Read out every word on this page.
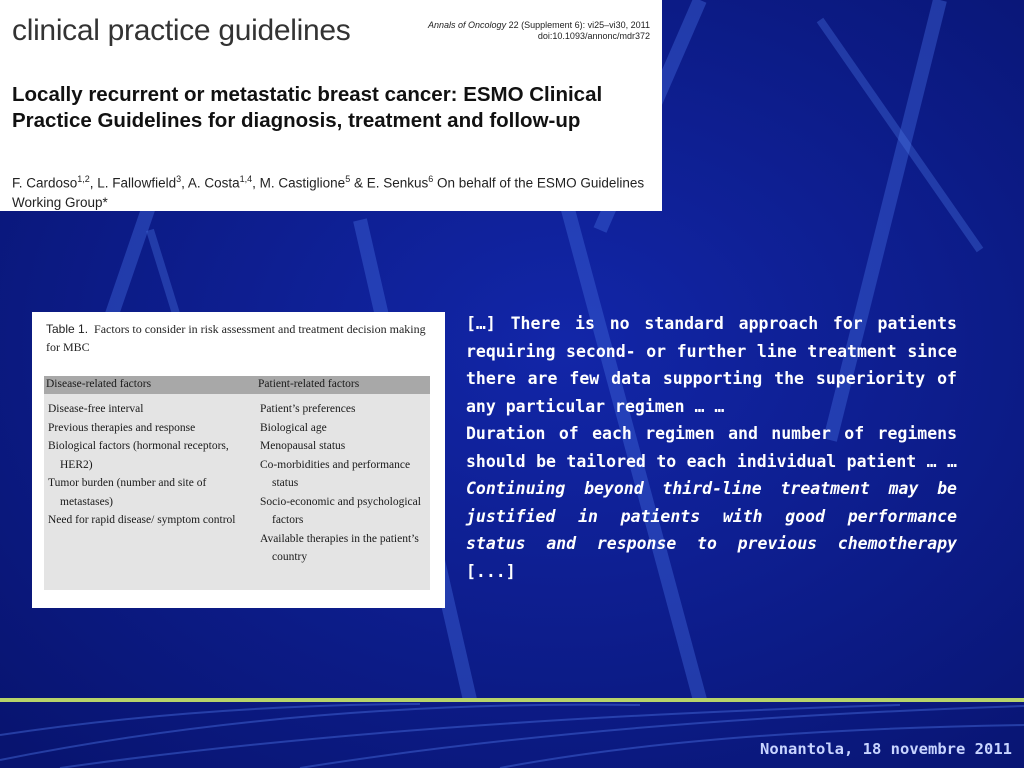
clinical practice guidelines	Annals of Oncology 22 (Supplement 6): vi25–vi30, 2011
doi:10.1093/annonc/mdr372
Locally recurrent or metastatic breast cancer: ESMO Clinical Practice Guidelines for diagnosis, treatment and follow-up
F. Cardoso$^{1,2}$, L. Fallowfield$^3$, A. Costa$^{1,4}$, M. Castiglione$^5$ & E. Senkus$^6$ On behalf of the ESMO Guidelines Working Group*
Table 1. Factors to consider in risk assessment and treatment decision making for MBC
Disease-related factors	Patient-related factors
Disease-free interval
Previous therapies and response
Biological factors (hormonal receptors, HER2)
Tumor burden (number and site of metastases)
Need for rapid disease/ symptom control
Patient’s preferences
Biological age
Menopausal status
Co-morbidities and performance status
Socio-economic and psychological factors
Available therapies in the patient’s country

[…] There is no standard approach for patients requiring second- or further line treatment since there are few data supporting the superiority of any particular regimen … …

Duration of each regimen and number of regimens should be tailored to each individual patient … … Continuing beyond third-line treatment may be justified in patients with good performance status and response to previous chemotherapy [...]

Nonantola, 18 novembre 2011
